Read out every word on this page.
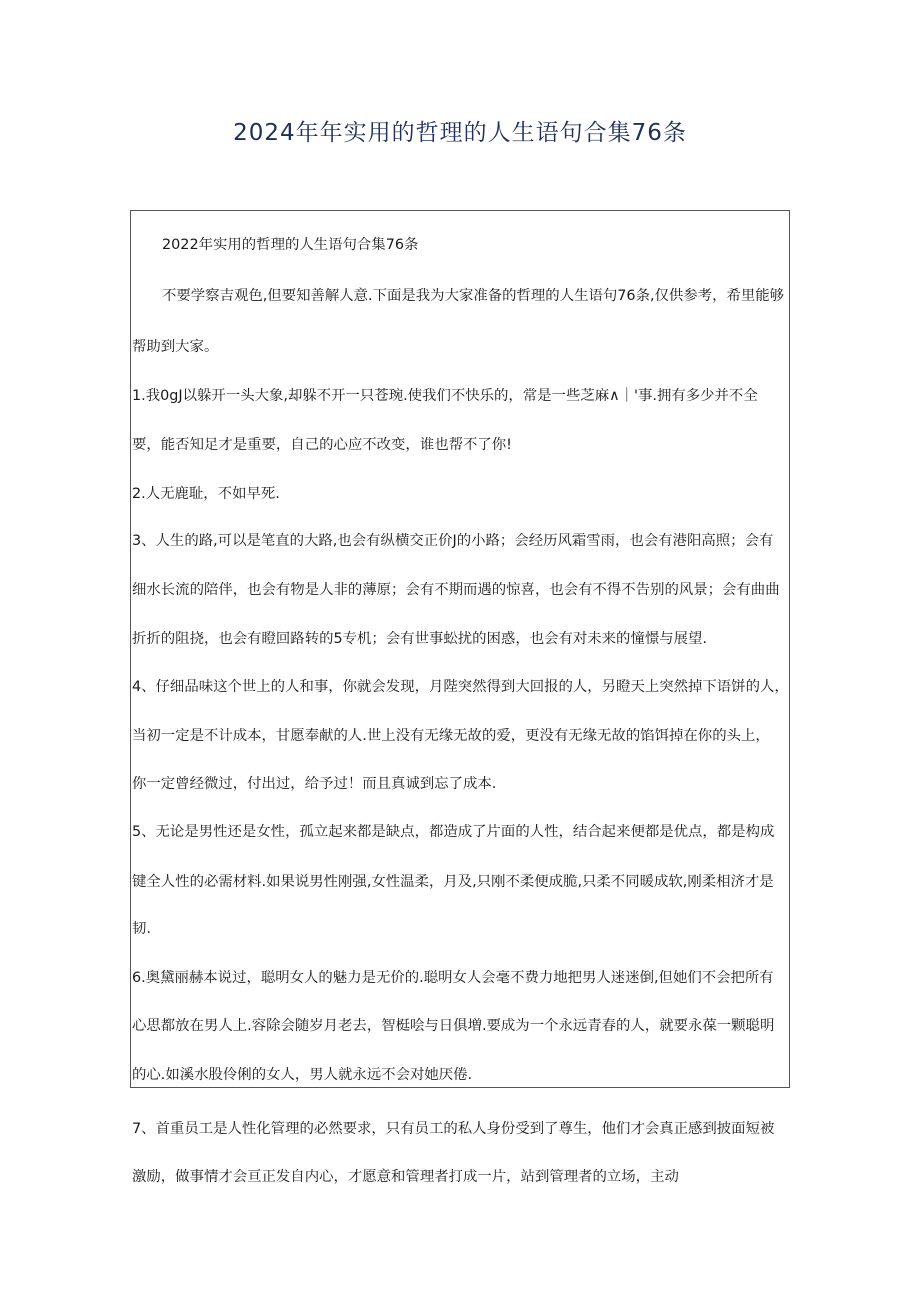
2024年年实用的哲理的人生语句合集76条
2022年实用的哲理的人生语句合集76条
不要学察吉观色,但要知善解人意.下面是我为大家准备的哲理的人生语句76条,仅供参考，希里能够
帮助到大家。
1.我0gJ以躲开一头大象,却躲不开一只苍琬.使我们不快乐的，常是一些芝麻∧｜'事.拥有多少并不全
要，能否知足才是重要，自己的心应不改变，谁也帮不了你!
2.人无鹿耻，不如早死.
3、人生的路,可以是笔直的大路,也会有纵横交正价J的小路；会经历风霜雪雨，也会有港阳高照；会有
细水长流的陪伴，也会有物是人非的薄原；会有不期而遇的惊喜，也会有不得不告别的风景；会有曲曲
折折的阻挠，也会有瞪回路转的5专机；会有世事蚣扰的困惑，也会有对未来的憧憬与展望.
4、仔细品味这个世上的人和事，你就会发现，月陛突然得到大回报的人，另瞪天上突然掉下语饼的人，
当初一定是不计成本，甘愿奉献的人.世上没有无缘无故的爱，更没有无缘无故的馅饵掉在你的头上，
你一定曾经微过，付出过，给予过！而且真诚到忘了成本.
5、无论是男性还是女性，孤立起来都是缺点，都造成了片面的人性，结合起来便都是优点，都是构成
键全人性的必需材料.如果说男性刚强,女性温柔，月及,只刚不柔便成脆,只柔不同暖成软,刚柔相济才是
韧.
6.奥黛丽赫本说过，聪明女人的魅力是无价的.聪明女人会毫不费力地把男人迷迷倒,但她们不会把所有
心思都放在男人上.容除会随岁月老去，智梃哙与日俱増.要成为一个永远青春的人，就要永葆一颗聪明
的心.如溪水股伶俐的女人，男人就永远不会对她厌倦.
7、首重员工是人性化管理的必然要求，只有员工的私人身份受到了尊生，他们才会真正感到披面短被
激励，做事情才会亘正发自内心，才愿意和管理者打成一片，站到管理者的立场，主动
